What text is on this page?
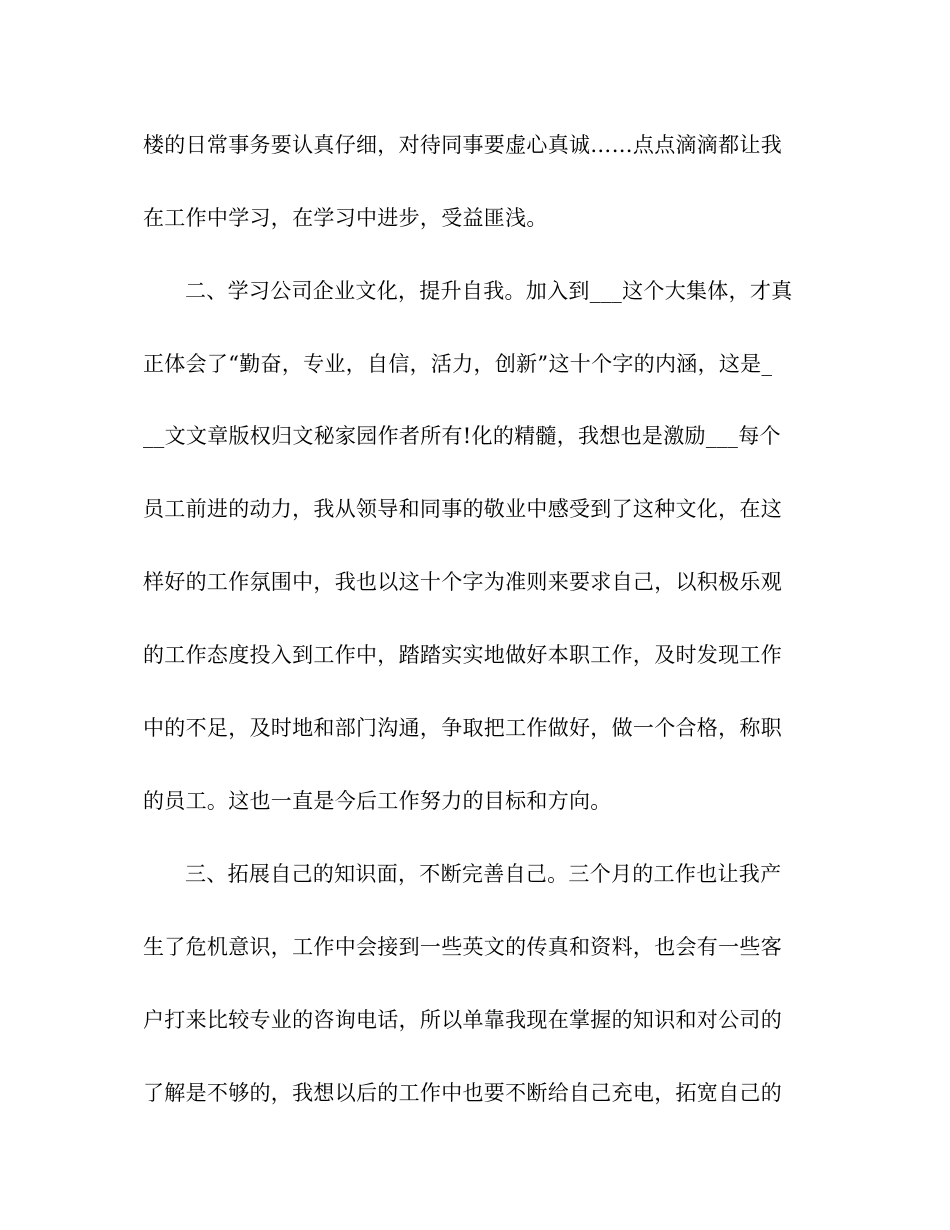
楼的日常事务要认真仔细，对待同事要虚心真诚……点点滴滴都让我

在工作中学习，在学习中进步，受益匪浅。

二、学习公司企业文化，提升自我。加入到___这个大集体，才真

正体会了“勤奋，专业，自信，活力，创新”这十个字的内涵，这是_

__文文章版权归文秘家园作者所有!化的精髓，我想也是激励___每个

员工前进的动力，我从领导和同事的敬业中感受到了这种文化，在这

样好的工作氛围中，我也以这十个字为准则来要求自己，以积极乐观

的工作态度投入到工作中，踏踏实实地做好本职工作，及时发现工作

中的不足，及时地和部门沟通，争取把工作做好，做一个合格，称职

的员工。这也一直是今后工作努力的目标和方向。

三、拓展自己的知识面，不断完善自己。三个月的工作也让我产

生了危机意识，工作中会接到一些英文的传真和资料，也会有一些客

户打来比较专业的咨询电话，所以单靠我现在掌握的知识和对公司的

了解是不够的，我想以后的工作中也要不断给自己充电，拓宽自己的
